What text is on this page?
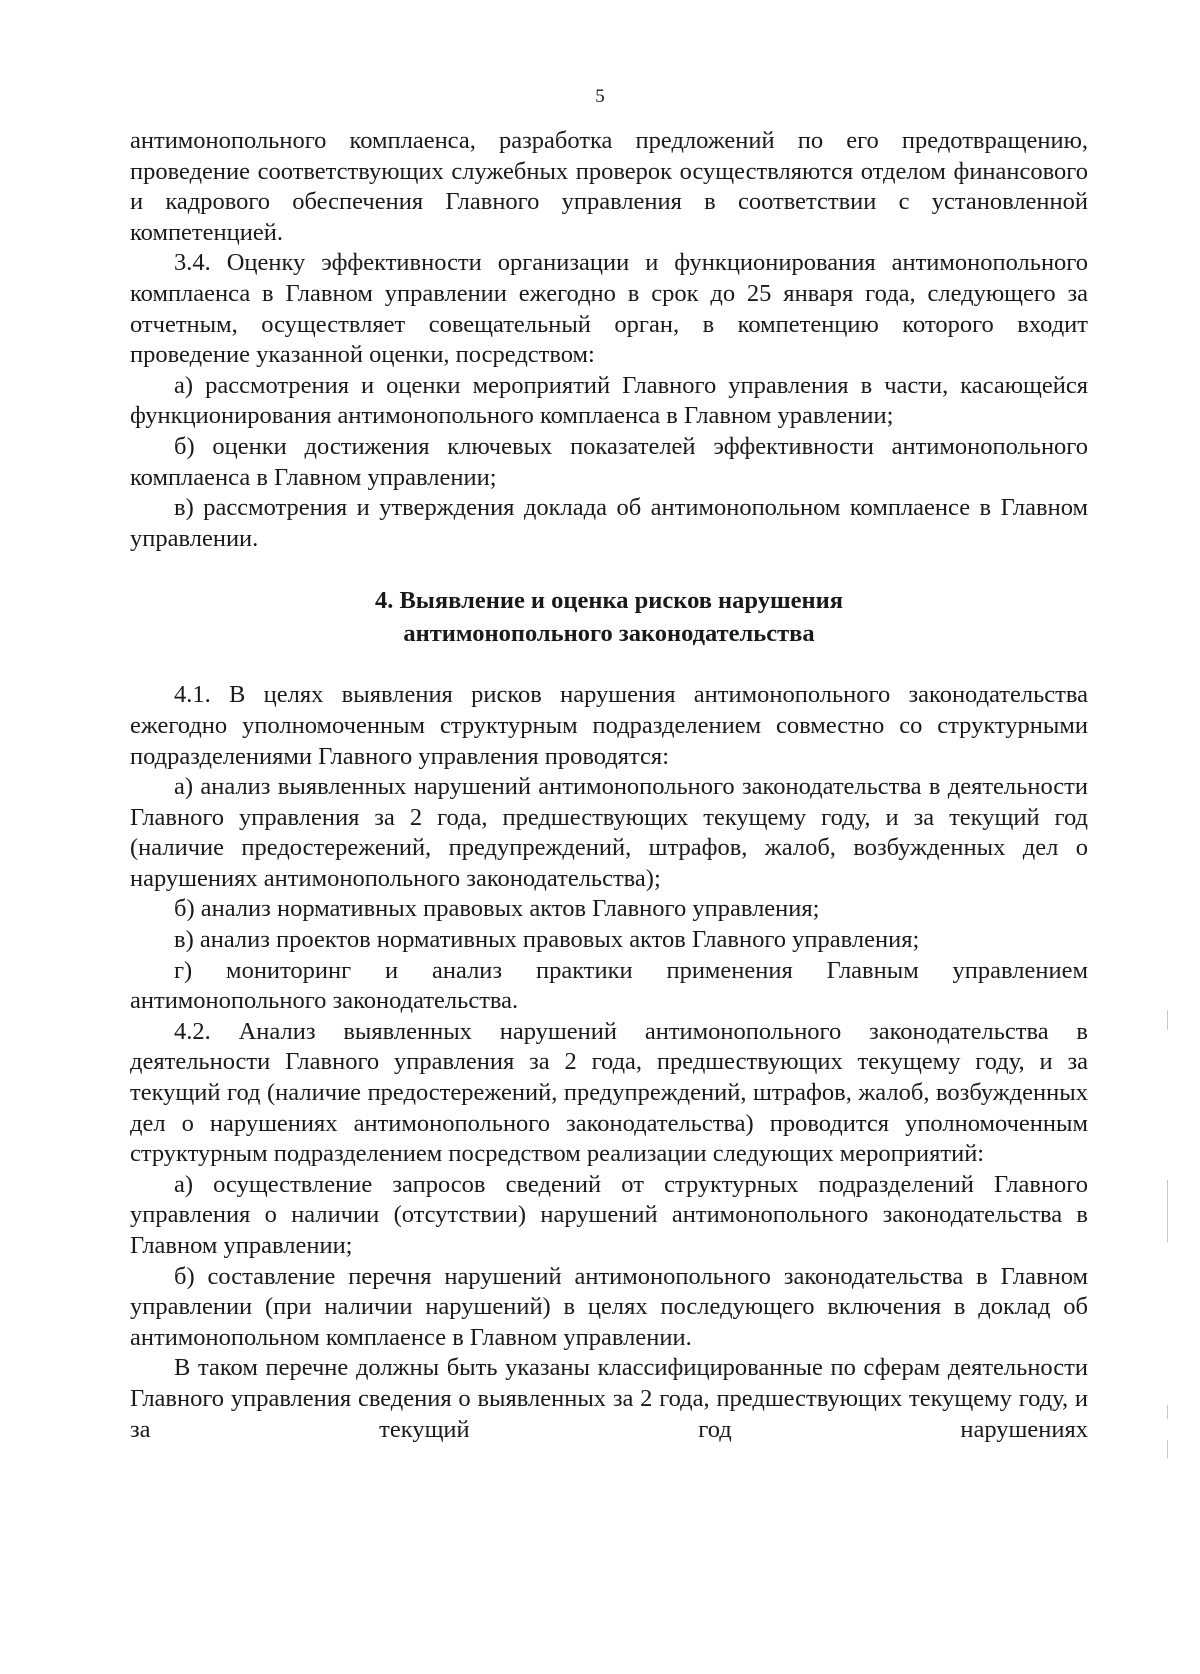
5

антимонопольного комплаенса, разработка предложений по его предотвращению, проведение соответствующих служебных проверок осуществляются отделом финансового и кадрового обеспечения Главного управления в соответствии с установленной компетенцией.

3.4. Оценку эффективности организации и функционирования антимонопольного комплаенса в Главном управлении ежегодно в срок до 25 января года, следующего за отчетным, осуществляет совещательный орган, в компетенцию которого входит проведение указанной оценки, посредством:

а) рассмотрения и оценки мероприятий Главного управления в части, касающейся функционирования антимонопольного комплаенса в Главном уравлении;

б) оценки достижения ключевых показателей эффективности антимонопольного комплаенса в Главном управлении;

в) рассмотрения и утверждения доклада об антимонопольном комплаенсе в Главном управлении.

4. Выявление и оценка рисков нарушения
антимонопольного законодательства

4.1. В целях выявления рисков нарушения антимонопольного законодательства ежегодно уполномоченным структурным подразделением совместно со структурными подразделениями Главного управления проводятся:

а) анализ выявленных нарушений антимонопольного законодательства в деятельности Главного управления за 2 года, предшествующих текущему году, и за текущий год (наличие предостережений, предупреждений, штрафов, жалоб, возбужденных дел о нарушениях антимонопольного законодательства);

б) анализ нормативных правовых актов Главного управления;

в) анализ проектов нормативных правовых актов Главного управления;

г) мониторинг и анализ практики применения Главным управлением антимонопольного законодательства.

4.2. Анализ выявленных нарушений антимонопольного законодательства в деятельности Главного управления за 2 года, предшествующих текущему году, и за текущий год (наличие предостережений, предупреждений, штрафов, жалоб, возбужденных дел о нарушениях антимонопольного законодательства) проводится уполномоченным структурным подразделением посредством реализации следующих мероприятий:

а) осуществление запросов сведений от структурных подразделений Главного управления о наличии (отсутствии) нарушений антимонопольного законодательства в Главном управлении;

б) составление перечня нарушений антимонопольного законодательства в Главном управлении (при наличии нарушений) в целях последующего включения в доклад об антимонопольном комплаенсе в Главном управлении.

В таком перечне должны быть указаны классифицированные по сферам деятельности Главного управления сведения о выявленных за 2 года, предшествующих текущему году, и за текущий год нарушениях
